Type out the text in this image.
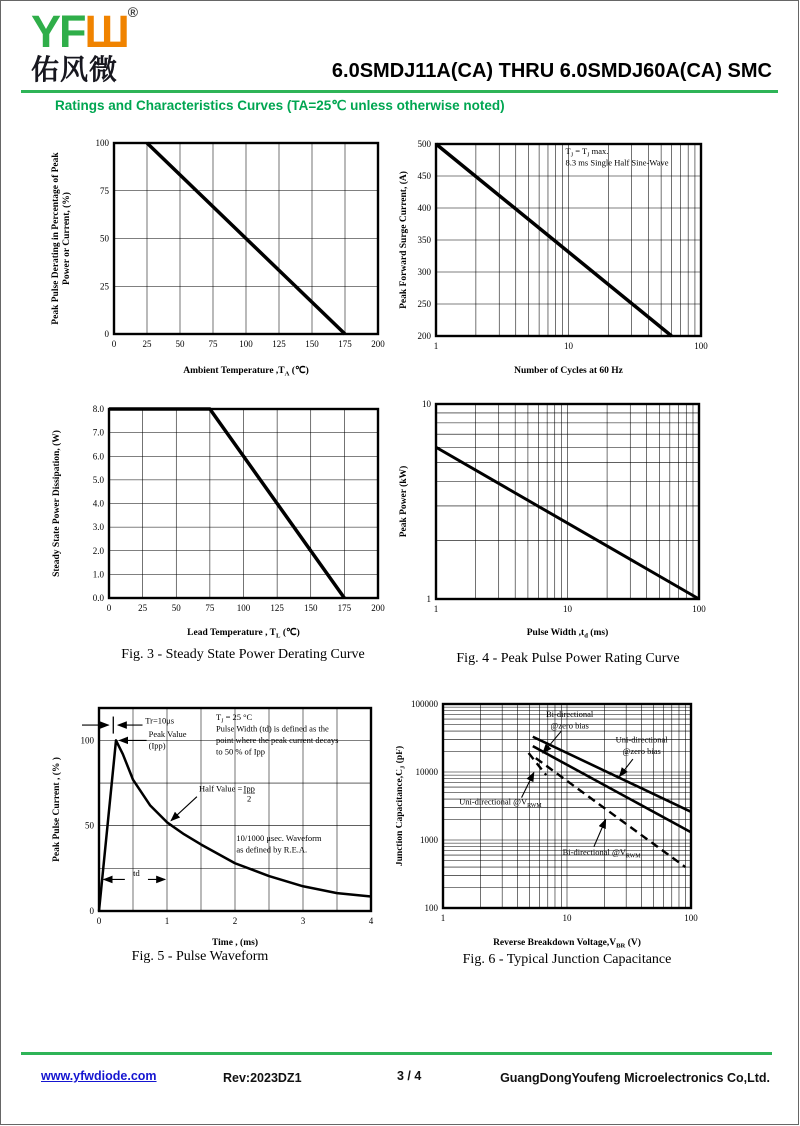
YFШ®
佑风微	6.0SMDJ11A(CA) THRU 6.0SMDJ60A(CA) SMC
Ratings and Characteristics Curves (TA=25℃ unless otherwise noted)
0	25	50	75 100 125 150 175 200
0
25
50
75
100
Ambient Temperature $,T_A$ (℃)
Peak Pulse Derating in Percentage of Peak Power or Current, (%)
1	10	100
200
250
300
350
400
450
500
Number of Cycles at 60 Hz
Peak Forward Surge Current, (A)
$T_J = T_J$ max.
8.3 ms Single Half Sine-Wave
0	25	50	75 100 125 150 175 200
0.0
1.0
2.0
3.0
4.0
5.0
6.0
7.0
8.0
Lead Temperature , $T_L$ (℃)
Steady State Power Dissipation, (W)
1	10	100
1
10
Pulse Width $,t_d$ (ms)
Peak Power (kW)
0	1	2	3	4
0
50
100
Time , (ms)
Peak Pulse Current , (% )
Tr=10μs
Peak Value
(Ipp)
$T_J = 25$ °C
Pulse Width (td) is defined as the
point where the peak current decays
to 50 % of Ipp
Half Value = Ipp
2
10/1000 μsec. Waveform
as defined by R.E.A.
td
1	10	100
100
1000
10000
100000
Reverse Breakdown $Voltage,V_{BR}$ (V)
Junction $Capacitance,C_J$ (pF)
Bi-directional
@zero bias
Uni-directional
@zero bias
Uni-directional $@V_{RWM}$
Bi-directional $@V_{RWM}$
Fig. 3 - Steady State Power Derating Curve	Fig. 4 - Peak Pulse Power Rating Curve
Fig. 5 - Pulse Waveform	Fig. 6 - Typical Junction Capacitance
www.yfwdiode.com	Rev:2023DZ1	3 / 4	GuangDongYoufeng Microelectronics Co,Ltd.
